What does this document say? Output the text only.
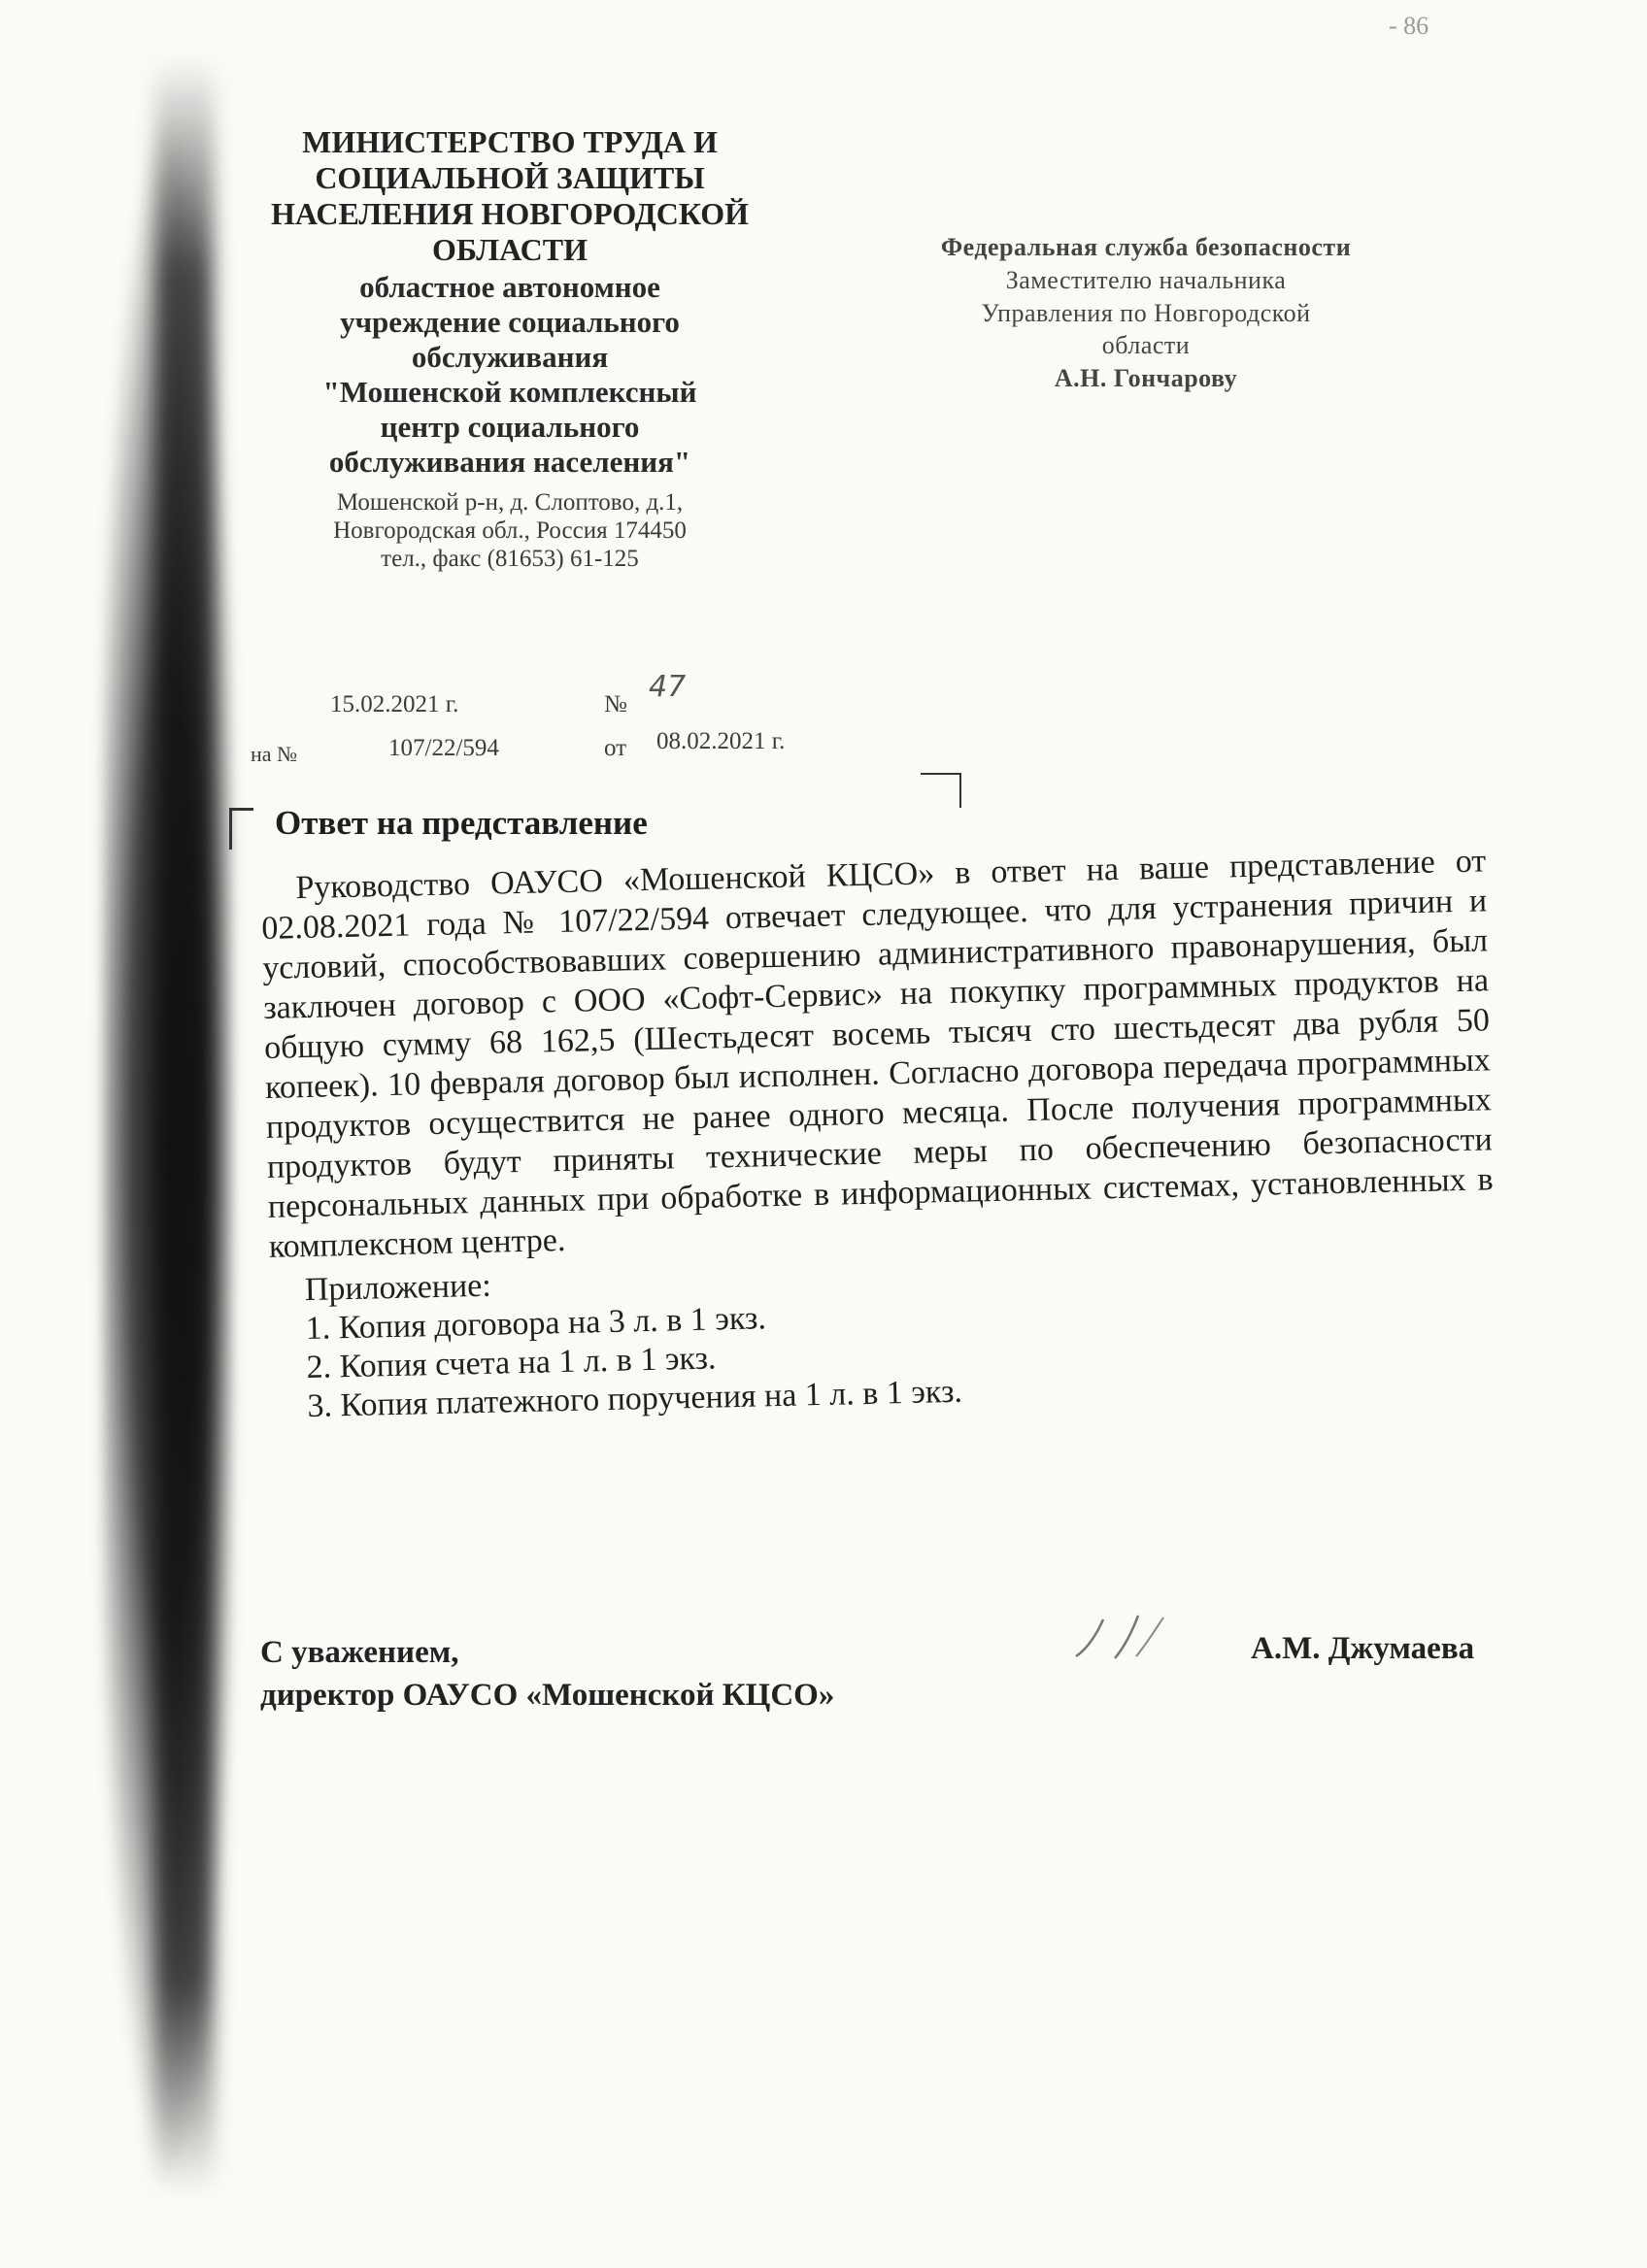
- 86
МИНИСТЕРСТВО ТРУДА И
СОЦИАЛЬНОЙ ЗАЩИТЫ
НАСЕЛЕНИЯ НОВГОРОДСКОЙ
ОБЛАСТИ
областное автономное
учреждение социального
обслуживания
"Мошенской комплексный
центр социального
обслуживания населения"
Мошенской р-н, д. Слоптово, д.1,
Новгородская обл., Россия 174450
тел., факс (81653) 61-125
Федеральная служба безопасности
Заместителю начальника
Управления по Новгородской
области
А.Н. Гончарову
15.02.2021 г.	№
47
на №	107/22/594	от 08.02.2021 г.
Ответ на представление

Руководство ОАУСО «Мошенской КЦСО» в ответ на ваше представление от 02.08.2021 года № 107/22/594 отвечает следующее. что для устранения причин и условий, способствовавших совершению административного правонарушения, был заключен договор с ООО «Софт-Сервис» на покупку программных продуктов на общую сумму 68 162,5 (Шестьдесят восемь тысяч сто шестьдесят два рубля 50 копеек). 10 февраля договор был исполнен. Согласно договора передача программных продуктов осуществится не ранее одного месяца. После получения программных продуктов будут приняты технические меры по обеспечению безопасности персональных данных при обработке в информационных системах, установленных в комплексном центре.

Приложение:
1. Копия договора на 3 л. в 1 экз.
2. Копия счета на 1 л. в 1 экз.
3. Копия платежного поручения на 1 л. в 1 экз.
С уважением,
директор ОАУСО «Мошенской КЦСО»
А.М. Джумаева
